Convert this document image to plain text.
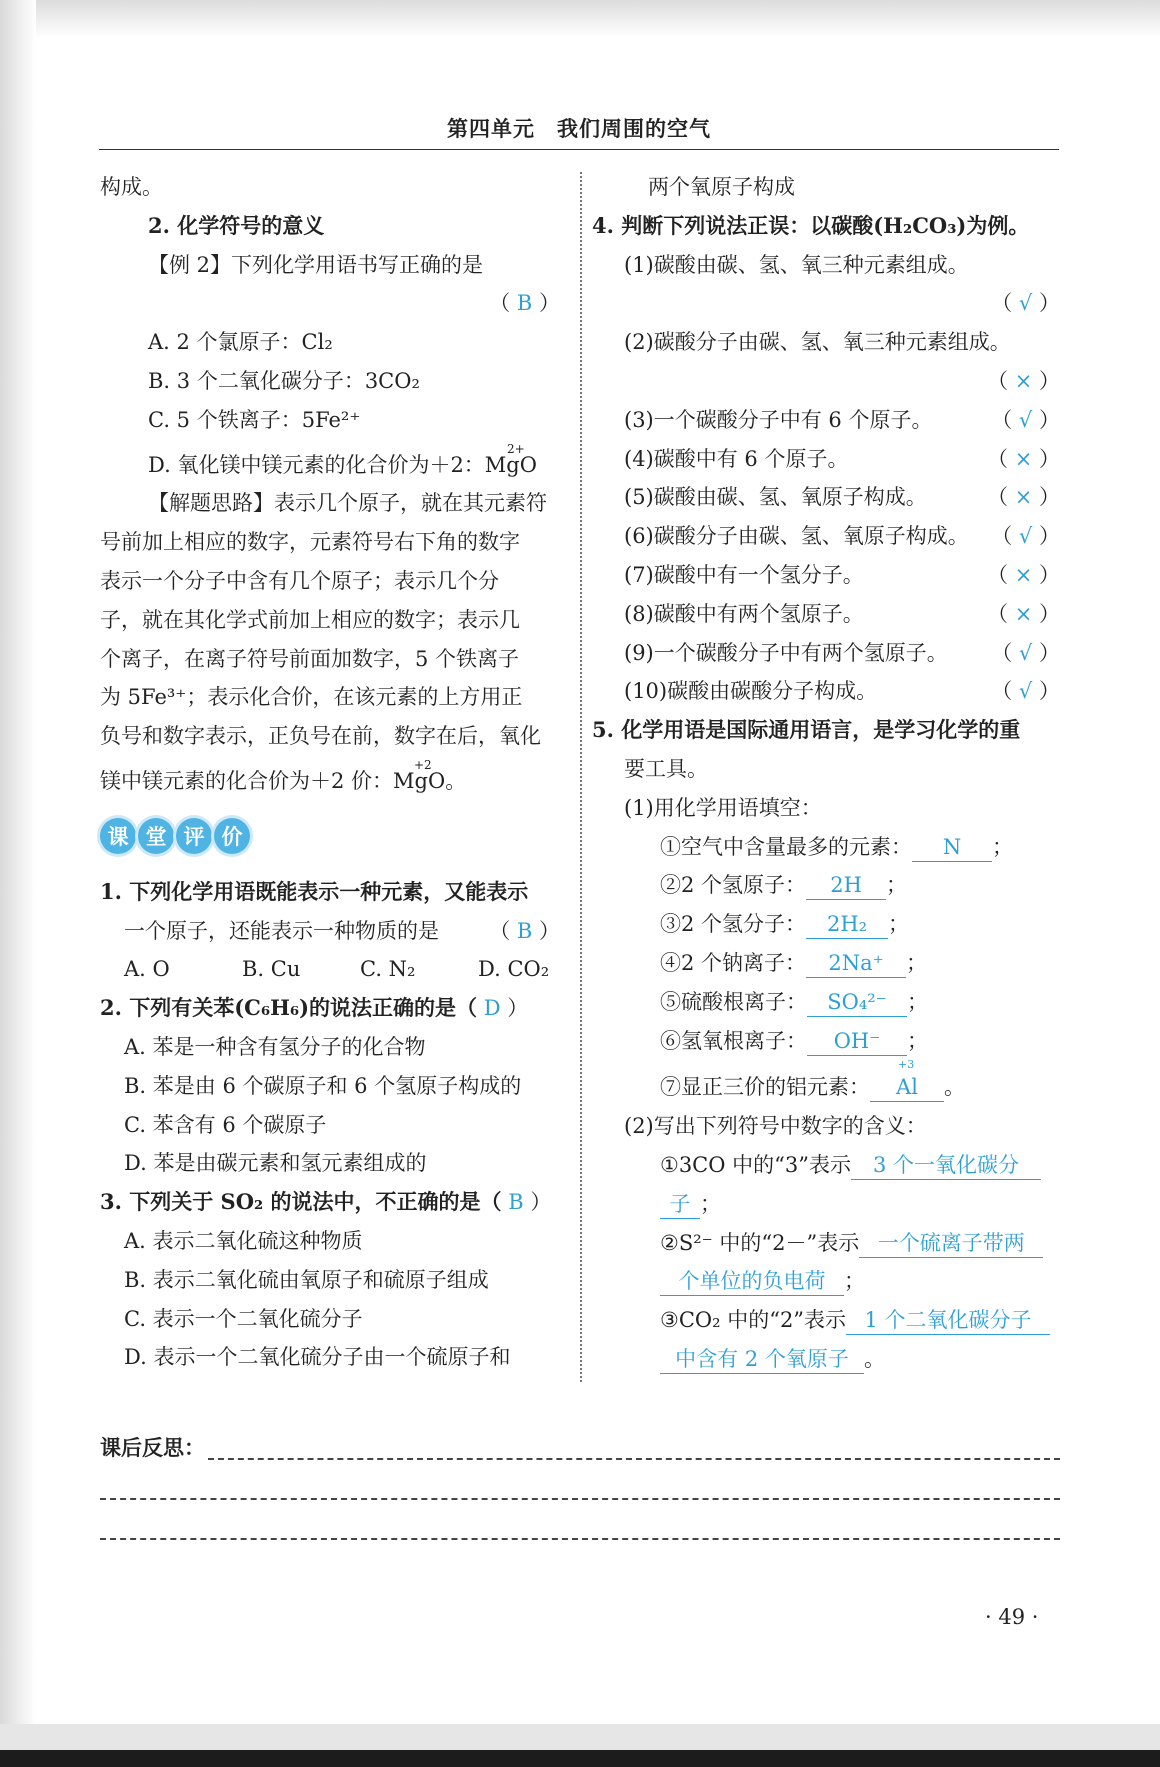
第四单元　我们周围的空气
构成。
2. 化学符号的意义
【例 2】下列化学用语书写正确的是
（ B ）
A. 2 个氯原子：Cl₂
B. 3 个二氧化碳分子：3CO₂
C. 5 个铁离子：5Fe²⁺
D. 氧化镁中镁元素的化合价为＋2：MgO
2+
【解题思路】表示几个原子，就在其元素符
号前加上相应的数字，元素符号右下角的数字
表示一个分子中含有几个原子；表示几个分
子，就在其化学式前加上相应的数字；表示几
个离子，在离子符号前面加数字，5 个铁离子
为 5Fe³⁺；表示化合价，在该元素的上方用正
负号和数字表示，正负号在前，数字在后，氧化
镁中镁元素的化合价为＋2 价：MgO。
+2
课 堂 评 价
1. 下列化学用语既能表示一种元素，又能表示
一个原子，还能表示一种物质的是 （ B ）
A. O	B. Cu	C. N₂	D. CO₂
2. 下列有关苯(C₆H₆)的说法正确的是（ D ）
A. 苯是一种含有氢分子的化合物
B. 苯是由 6 个碳原子和 6 个氢原子构成的
C. 苯含有 6 个碳原子
D. 苯是由碳元素和氢元素组成的
3. 下列关于 SO₂ 的说法中，不正确的是（ B ）
A. 表示二氧化硫这种物质
B. 表示二氧化硫由氧原子和硫原子组成
C. 表示一个二氧化硫分子
D. 表示一个二氧化硫分子由一个硫原子和
两个氧原子构成
4. 判断下列说法正误：以碳酸(H₂CO₃)为例。
(1)碳酸由碳、氢、氧三种元素组成。
（ √ ）
(2)碳酸分子由碳、氢、氧三种元素组成。
（ × ）
(3)一个碳酸分子中有 6 个原子。	（ √ ）
(4)碳酸中有 6 个原子。	（ × ）
(5)碳酸由碳、氢、氧原子构成。	（ × ）
(6)碳酸分子由碳、氢、氧原子构成。 （ √ ）
(7)碳酸中有一个氢分子。	（ × ）
(8)碳酸中有两个氢原子。	（ × ）
(9)一个碳酸分子中有两个氢原子。 （ √ ）
(10)碳酸由碳酸分子构成。	（ √ ）
5. 化学用语是国际通用语言，是学习化学的重
要工具。
(1)用化学用语填空：
①空气中含量最多的元素： N ；
②2 个氢原子： 2H ；
③2 个氢分子： 2H₂ ；
④2 个钠离子： 2Na⁺ ；
⑤硫酸根离子： SO₄²⁻ ；
⑥氢氧根离子： OH⁻ ；
⑦显正三价的铝元素： Al
+3
。
(2)写出下列符号中数字的含义：
①3CO 中的“3”表示 3 个一氧化碳分
子 ；
②S²⁻ 中的“2－”表示 一个硫离子带两
个单位的负电荷 ；
③CO₂ 中的“2”表示 1 个二氧化碳分子
中含有 2 个氧原子 。
课后反思：
· 49 ·
